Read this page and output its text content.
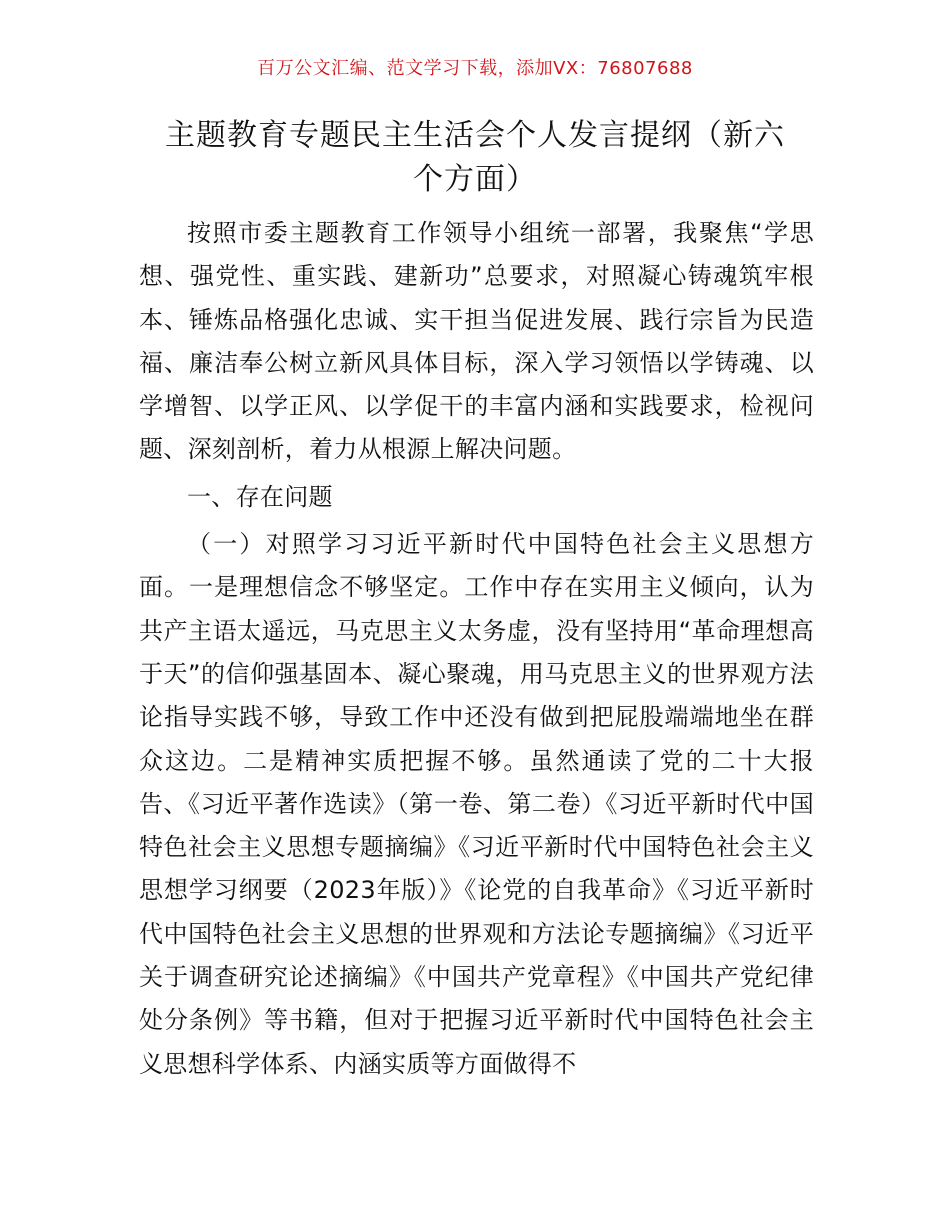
百万公文汇编、范文学习下载，添加VX：76807688
主题教育专题民主生活会个人发言提纲（新六
个方面）

按照市委主题教育工作领导小组统一部署，我聚焦“学思想、强党性、重实践、建新功”总要求，对照凝心铸魂筑牢根本、锤炼品格强化忠诚、实干担当促进发展、践行宗旨为民造福、廉洁奉公树立新风具体目标，深入学习领悟以学铸魂、以学增智、以学正风、以学促干的丰富内涵和实践要求，检视问题、深刻剖析，着力从根源上解决问题。

一、存在问题

（一）对照学习习近平新时代中国特色社会主义思想方面。一是理想信念不够坚定。工作中存在实用主义倾向，认为共产主语太遥远，马克思主义太务虚，没有坚持用“革命理想高于天”的信仰强基固本、凝心聚魂，用马克思主义的世界观方法论指导实践不够，导致工作中还没有做到把屁股端端地坐在群众这边。二是精神实质把握不够。虽然通读了党的二十大报告、《习近平著作选读》（第一卷、第二卷）《习近平新时代中国特色社会主义思想专题摘编》《习近平新时代中国特色社会主义思想学习纲要（2023年版）》《论党的自我革命》《习近平新时代中国特色社会主义思想的世界观和方法论专题摘编》《习近平关于调查研究论述摘编》《中国共产党章程》《中国共产党纪律处分条例》等书籍，但对于把握习近平新时代中国特色社会主义思想科学体系、内涵实质等方面做得不
